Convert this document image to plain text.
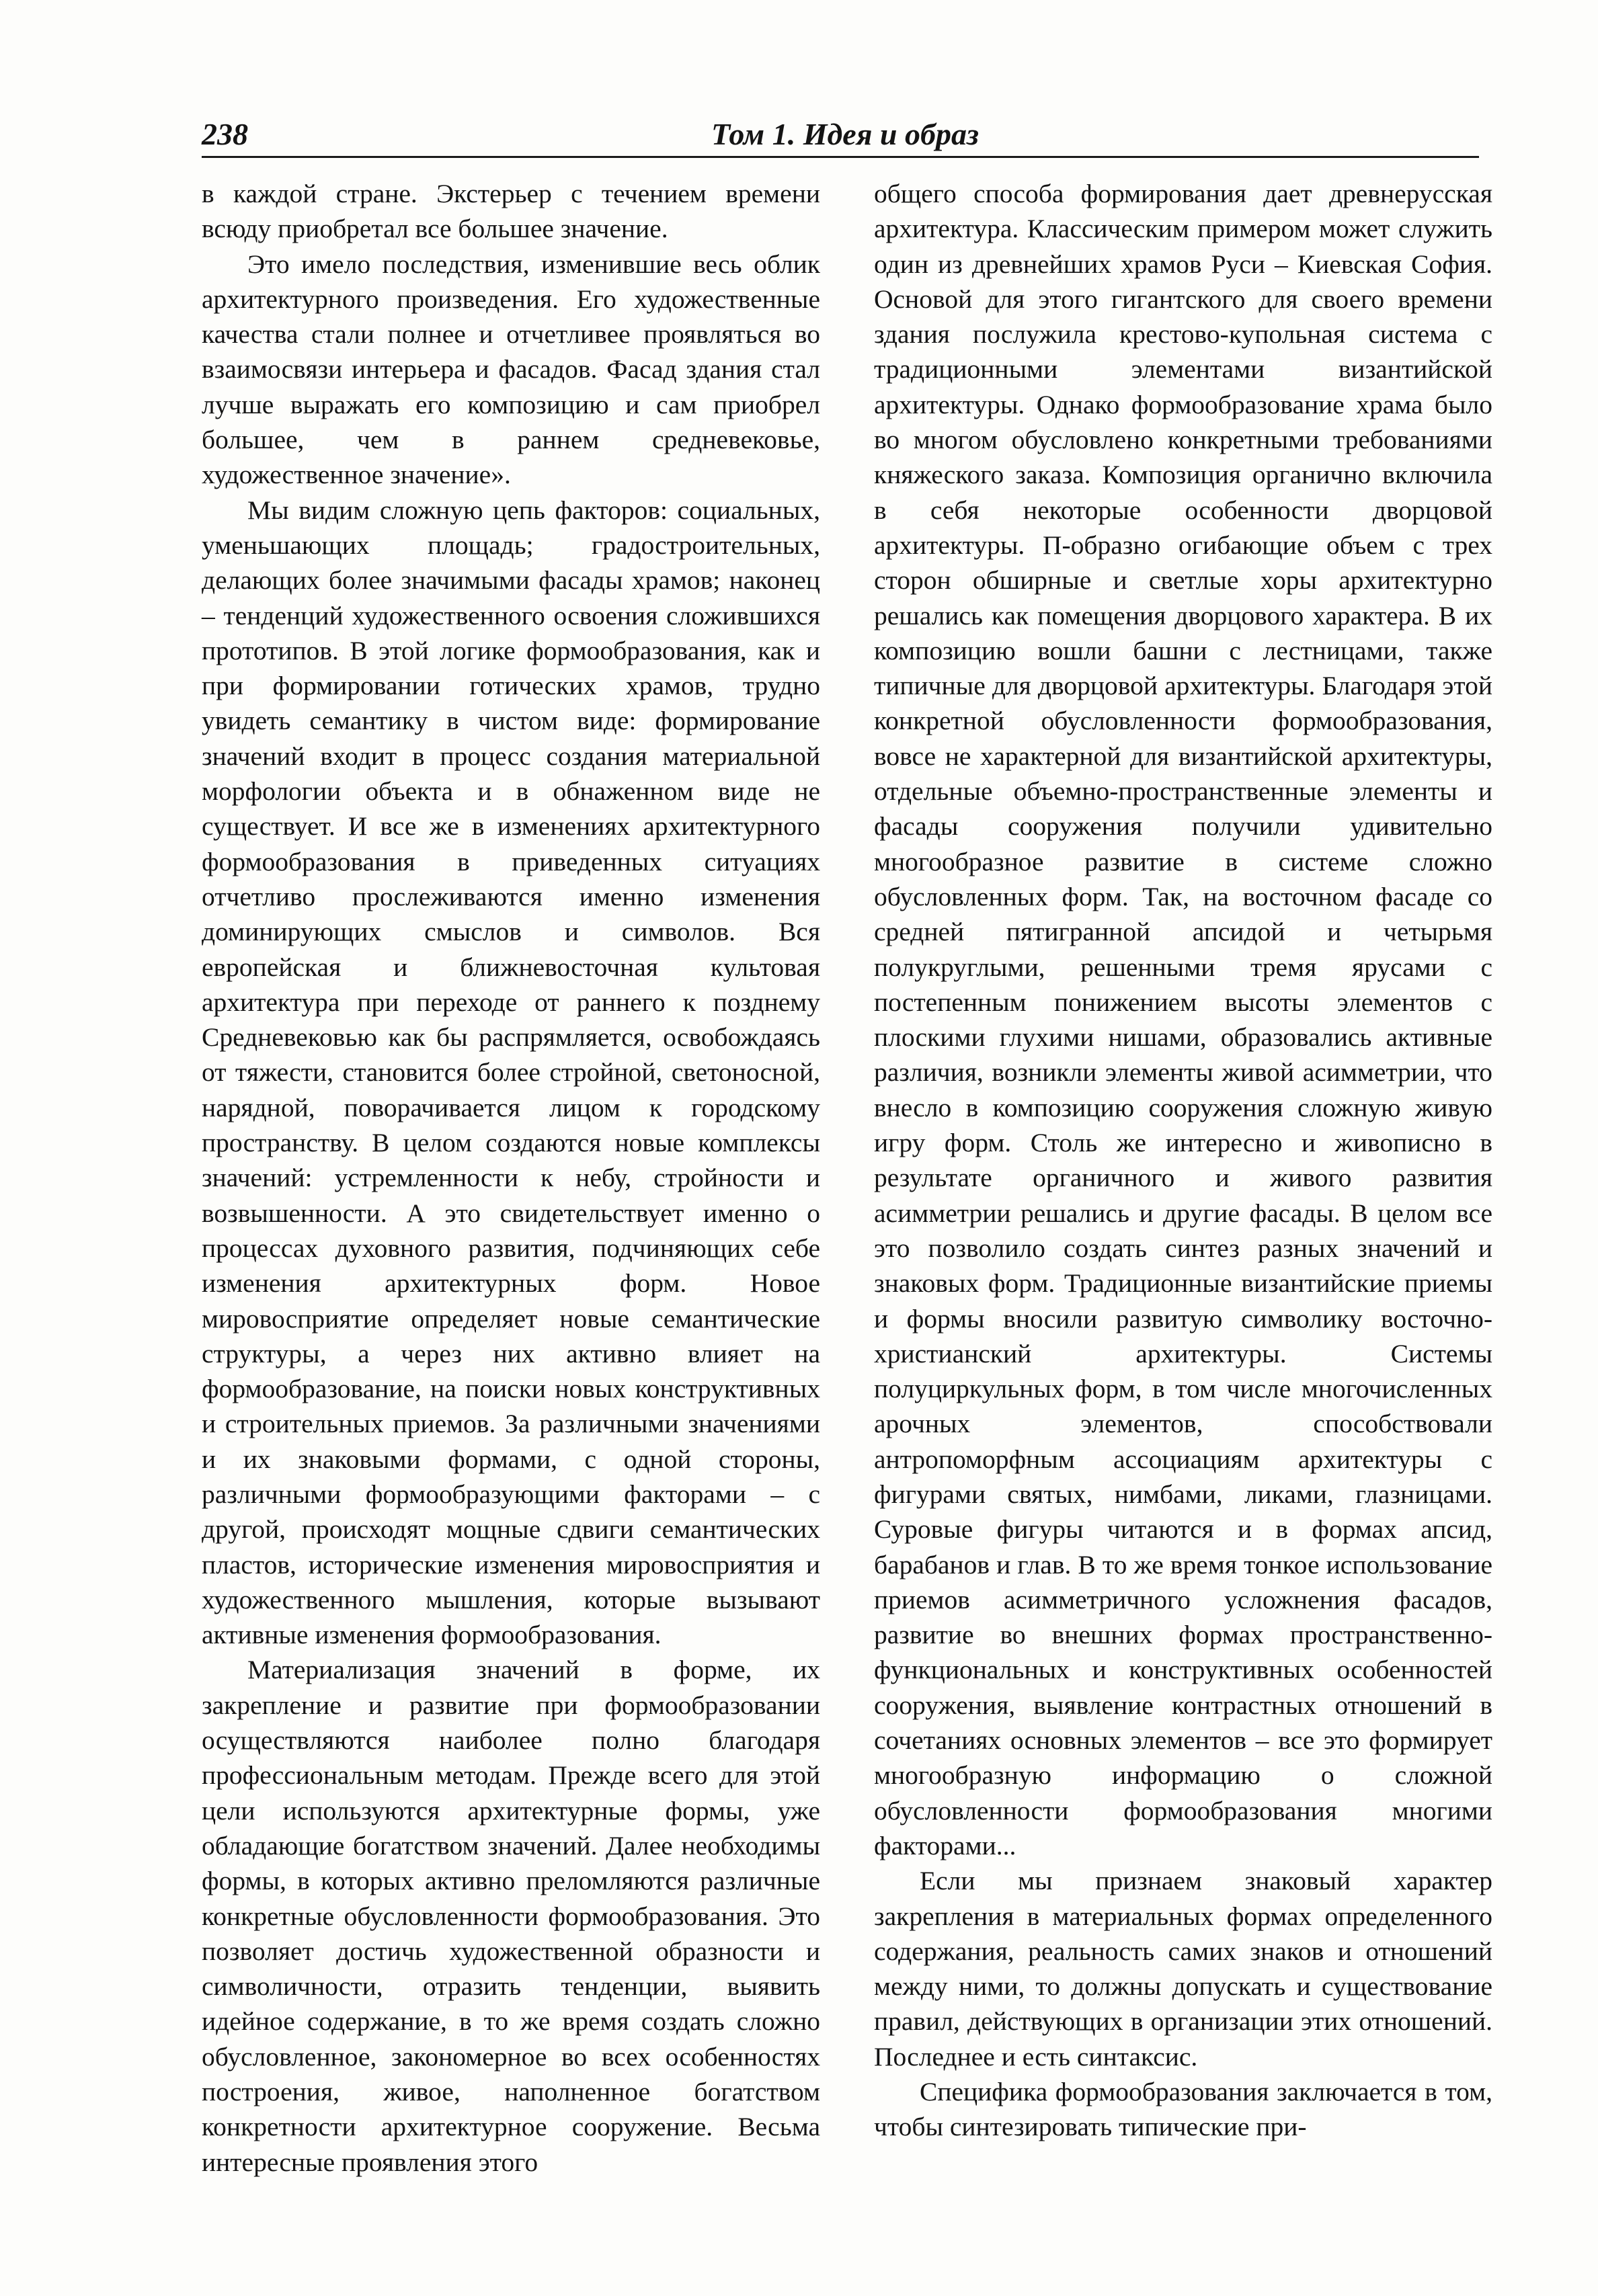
238	Том 1. Идея и образ

в каждой стране. Экстерьер с течением времени всюду приобретал все большее значение.

Это имело последствия, изменившие весь облик архитектурного произведения. Его художественные качества стали полнее и отчетливее проявляться во взаимосвязи интерьера и фасадов. Фасад здания стал лучше выражать его композицию и сам приобрел большее, чем в раннем средневековье, художественное значение».

Мы видим сложную цепь факторов: социальных, уменьшающих площадь; градостроительных, делающих более значимыми фасады храмов; наконец – тенденций художественного освоения сложившихся прототипов. В этой логике формообразования, как и при формировании готических храмов, трудно увидеть семантику в чистом виде: формирование значений входит в процесс создания материальной морфологии объекта и в обнаженном виде не существует. И все же в изменениях архитектурного формообразования в приведенных ситуациях отчетливо прослеживаются именно изменения доминирующих смыслов и символов. Вся европейская и ближневосточная культовая архитектура при переходе от раннего к позднему Средневековью как бы распрямляется, освобождаясь от тяжести, становится более стройной, светоносной, нарядной, поворачивается лицом к городскому пространству. В целом создаются новые комплексы значений: устремленности к небу, стройности и возвышенности. А это свидетельствует именно о процессах духовного развития, подчиняющих себе изменения архитектурных форм. Новое мировосприятие определяет новые семантические структуры, а через них активно влияет на формообразование, на поиски новых конструктивных и строительных приемов. За различными значениями и их знаковыми формами, с одной стороны, различными формообразующими факторами – с другой, происходят мощные сдвиги семантических пластов, исторические изменения мировосприятия и художественного мышления, которые вызывают активные изменения формообразования.

Материализация значений в форме, их закрепление и развитие при формообразовании осуществляются наиболее полно благодаря профессиональным методам. Прежде всего для этой цели используются архитектурные формы, уже обладающие богатством значений. Далее необходимы формы, в которых активно преломляются различные конкретные обусловленности формообразования. Это позволяет достичь художественной образности и символичности, отразить тенденции, выявить идейное содержание, в то же время создать сложно обусловленное, закономерное во всех особенностях построения, живое, наполненное богатством конкретности архитектурное сооружение. Весьма интересные проявления этого

общего способа формирования дает древнерусская архитектура. Классическим примером может служить один из древнейших храмов Руси – Киевская София. Основой для этого гигантского для своего времени здания послужила крестово-купольная система с традиционными элементами византийской архитектуры. Однако формообразование храма было во многом обусловлено конкретными требованиями княжеского заказа. Композиция органично включила в себя некоторые особенности дворцовой архитектуры. П-образно огибающие объем с трех сторон обширные и светлые хоры архитектурно решались как помещения дворцового характера. В их композицию вошли башни с лестницами, также типичные для дворцовой архитектуры. Благодаря этой конкретной обусловленности формообразования, вовсе не характерной для византийской архитектуры, отдельные объемно-пространственные элементы и фасады сооружения получили удивительно многообразное развитие в системе сложно обусловленных форм. Так, на восточном фасаде со средней пятигранной апсидой и четырьмя полукруглыми, решенными тремя ярусами с постепенным понижением высоты элементов с плоскими глухими нишами, образовались активные различия, возникли элементы живой асимметрии, что внесло в композицию сооружения сложную живую игру форм. Столь же интересно и живописно в результате органичного и живого развития асимметрии решались и другие фасады. В целом все это позволило создать синтез разных значений и знаковых форм. Традиционные византийские приемы и формы вносили развитую символику восточно-христианский архитектуры. Системы полуциркульных форм, в том числе многочисленных арочных элементов, способствовали антропоморфным ассоциациям архитектуры с фигурами святых, нимбами, ликами, глазницами. Суровые фигуры читаются и в формах апсид, барабанов и глав. В то же время тонкое использование приемов асимметричного усложнения фасадов, развитие во внешних формах пространственно-функциональных и конструктивных особенностей сооружения, выявление контрастных отношений в сочетаниях основных элементов – все это формирует многообразную информацию о сложной обусловленности формообразования многими факторами...

Если мы признаем знаковый характер закрепления в материальных формах определенного содержания, реальность самих знаков и отношений между ними, то должны допускать и существование правил, действующих в организации этих отношений. Последнее и есть синтаксис.

Специфика формообразования заключается в том, чтобы синтезировать типические при-
